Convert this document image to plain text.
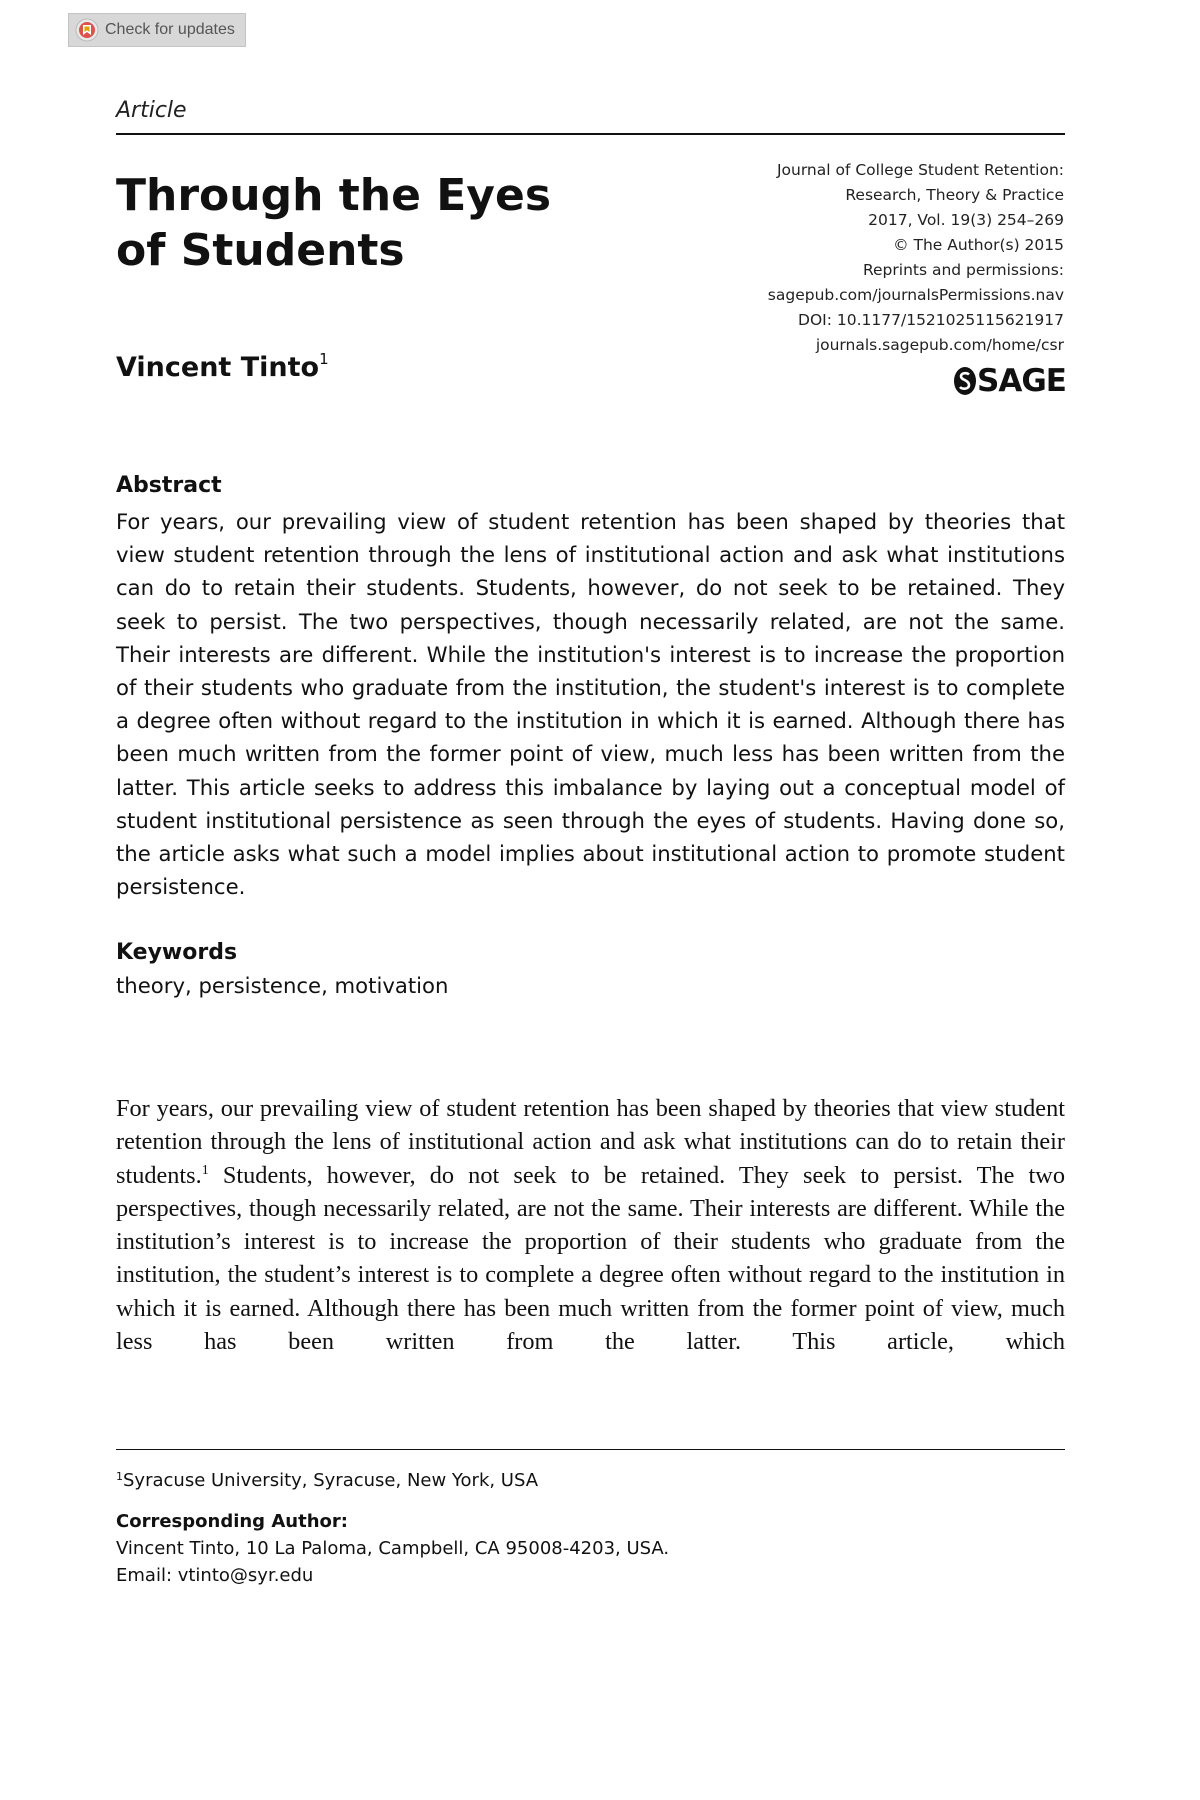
Check for updates
Article
Through the Eyes
of Students
Vincent Tinto$^1$
Journal of College Student Retention:
Research, Theory & Practice
2017, Vol. 19(3) 254–269
© The Author(s) 2015
Reprints and permissions:
sagepub.com/journalsPermissions.nav
DOI: 10.1177/1521025115621917
journals.sagepub.com/home/csr
SAGE
Abstract

For years, our prevailing view of student retention has been shaped by theories that view student retention through the lens of institutional action and ask what institutions can do to retain their students. Students, however, do not seek to be retained. They seek to persist. The two perspectives, though necessarily related, are not the same. Their interests are different. While the institution's interest is to increase the proportion of their students who graduate from the institution, the student's interest is to complete a degree often without regard to the institution in which it is earned. Although there has been much written from the former point of view, much less has been written from the latter. This article seeks to address this imbalance by laying out a conceptual model of student institutional persistence as seen through the eyes of students. Having done so, the article asks what such a model implies about institutional action to promote student persistence.

Keywords
theory, persistence, motivation

For years, our prevailing view of student retention has been shaped by theories that view student retention through the lens of institutional action and ask what institutions can do to retain their students.$^1$ Students, however, do not seek to be retained. They seek to persist. The two perspectives, though necessarily related, are not the same. Their interests are different. While the institution’s interest is to increase the proportion of their students who graduate from the institution, the student’s interest is to complete a degree often without regard to the institution in which it is earned. Although there has been much written from the former point of view, much less has been written from the latter. This article, which

$^1$Syracuse University, Syracuse, New York, USA
Corresponding Author:
Vincent Tinto, 10 La Paloma, Campbell, CA 95008-4203, USA.
Email: vtinto@syr.edu
